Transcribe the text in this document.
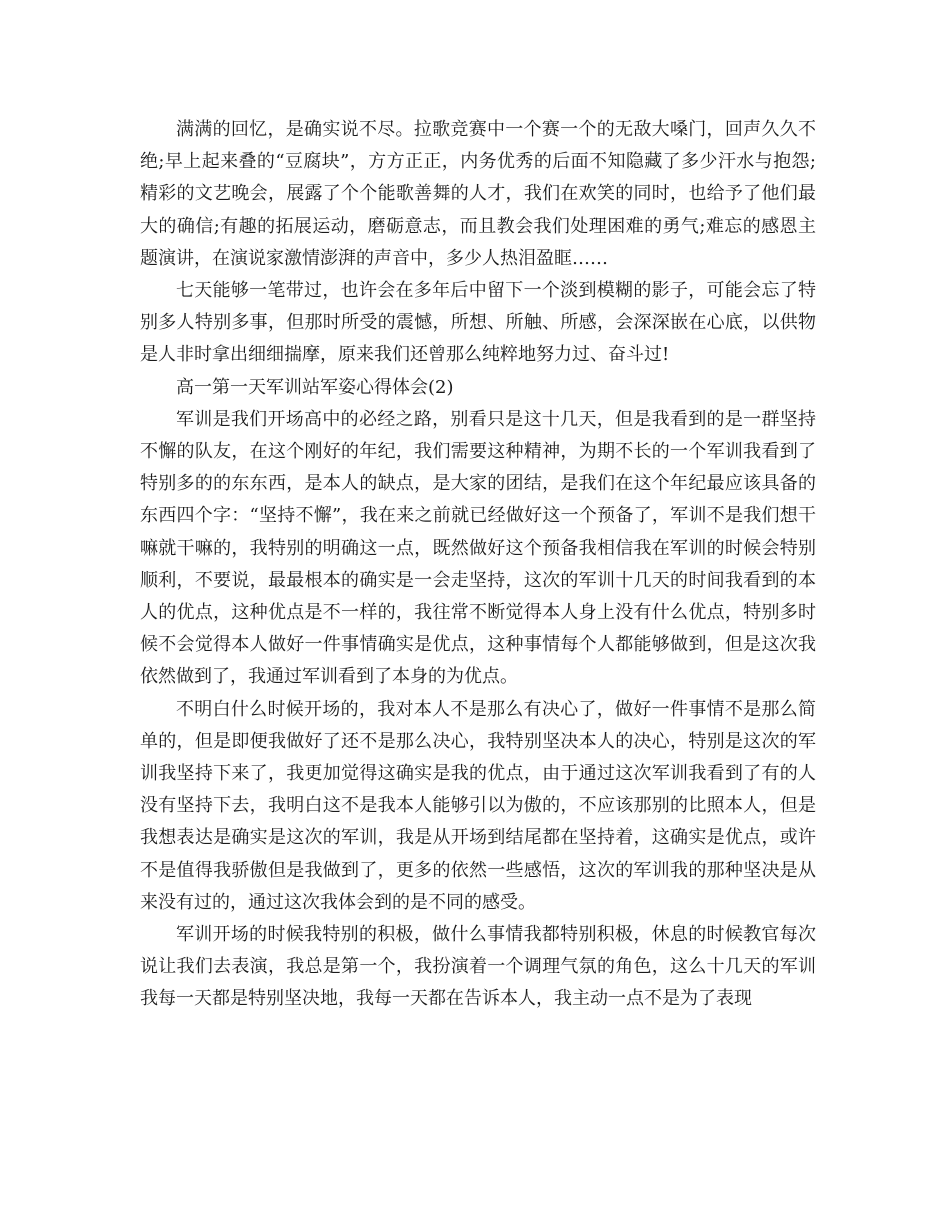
满满的回忆，是确实说不尽。拉歌竞赛中一个赛一个的无敌大嗓门，回声久久不绝;早上起来叠的“豆腐块”，方方正正，内务优秀的后面不知隐藏了多少汗水与抱怨;精彩的文艺晚会，展露了个个能歌善舞的人才，我们在欢笑的同时，也给予了他们最大的确信;有趣的拓展运动，磨砺意志，而且教会我们处理困难的勇气;难忘的感恩主题演讲，在演说家激情澎湃的声音中，多少人热泪盈眶……

七天能够一笔带过，也许会在多年后中留下一个淡到模糊的影子，可能会忘了特别多人特别多事，但那时所受的震憾，所想、所触、所感，会深深嵌在心底，以供物是人非时拿出细细揣摩，原来我们还曾那么纯粹地努力过、奋斗过!

高一第一天军训站军姿心得体会(2)

军训是我们开场高中的必经之路，别看只是这十几天，但是我看到的是一群坚持不懈的队友，在这个刚好的年纪，我们需要这种精神，为期不长的一个军训我看到了特别多的的东东西，是本人的缺点，是大家的团结，是我们在这个年纪最应该具备的东西四个字：“坚持不懈”，我在来之前就已经做好这一个预备了，军训不是我们想干嘛就干嘛的，我特别的明确这一点，既然做好这个预备我相信我在军训的时候会特别顺利，不要说，最最根本的确实是一会走坚持，这次的军训十几天的时间我看到的本人的优点，这种优点是不一样的，我往常不断觉得本人身上没有什么优点，特别多时候不会觉得本人做好一件事情确实是优点，这种事情每个人都能够做到，但是这次我依然做到了，我通过军训看到了本身的为优点。

不明白什么时候开场的，我对本人不是那么有决心了，做好一件事情不是那么简单的，但是即便我做好了还不是那么决心，我特别坚决本人的决心，特别是这次的军训我坚持下来了，我更加觉得这确实是我的优点，由于通过这次军训我看到了有的人没有坚持下去，我明白这不是我本人能够引以为傲的，不应该那别的比照本人，但是我想表达是确实是这次的军训，我是从开场到结尾都在坚持着，这确实是优点，或许不是值得我骄傲但是我做到了，更多的依然一些感悟，这次的军训我的那种坚决是从来没有过的，通过这次我体会到的是不同的感受。

军训开场的时候我特别的积极，做什么事情我都特别积极，休息的时候教官每次说让我们去表演，我总是第一个，我扮演着一个调理气氛的角色，这么十几天的军训我每一天都是特别坚决地，我每一天都在告诉本人，我主动一点不是为了表现
